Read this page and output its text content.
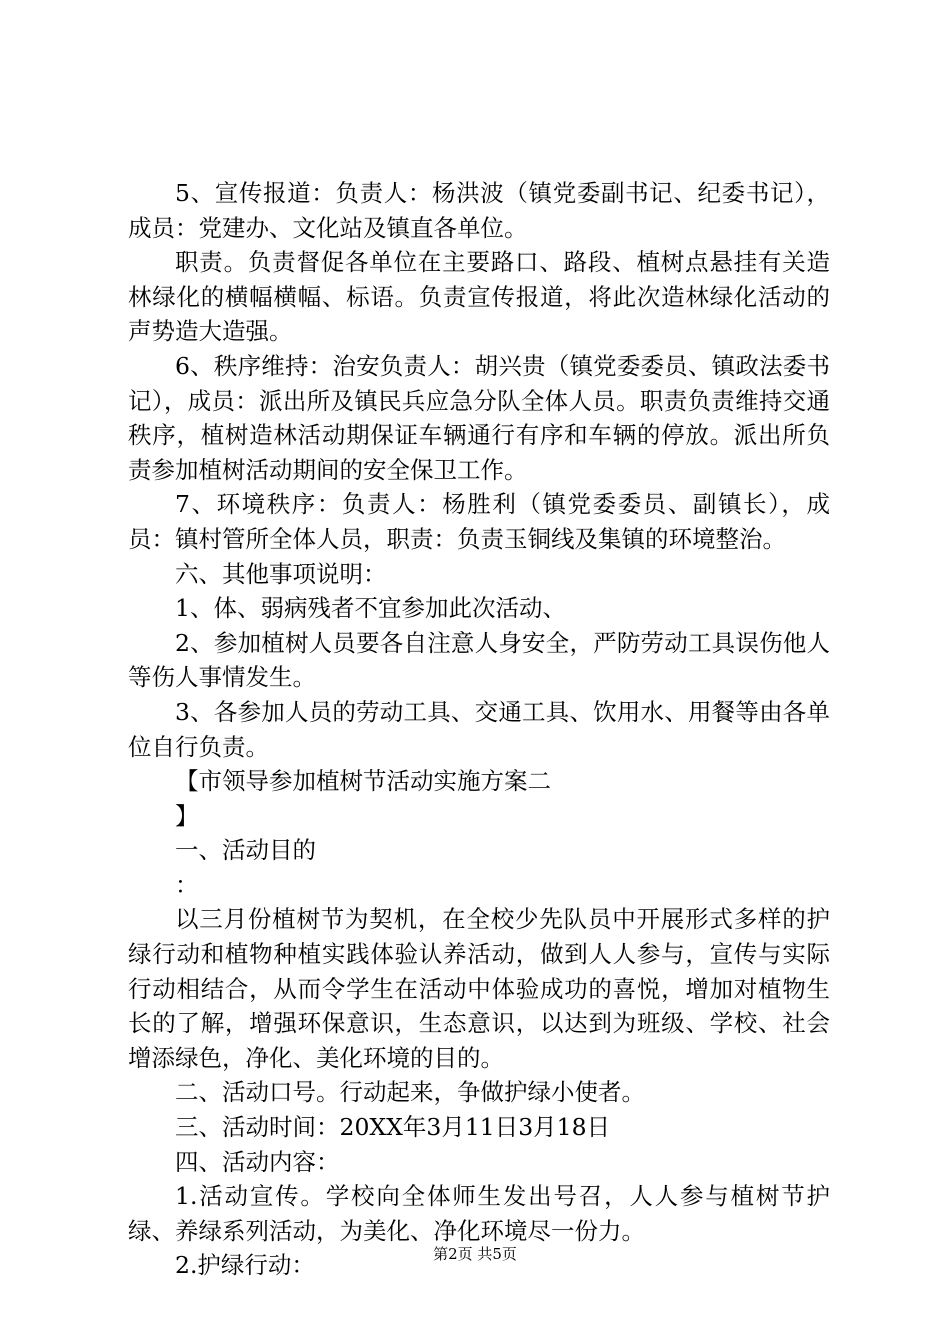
5、宣传报道：负责人：杨洪波（镇党委副书记、纪委书记），成员：党建办、文化站及镇直各单位。

职责。负责督促各单位在主要路口、路段、植树点悬挂有关造林绿化的横幅横幅、标语。负责宣传报道，将此次造林绿化活动的声势造大造强。

6、秩序维持：治安负责人：胡兴贵（镇党委委员、镇政法委书记），成员：派出所及镇民兵应急分队全体人员。职责负责维持交通秩序，植树造林活动期保证车辆通行有序和车辆的停放。派出所负责参加植树活动期间的安全保卫工作。

7、环境秩序：负责人：杨胜利（镇党委委员、副镇长），成员：镇村管所全体人员，职责：负责玉铜线及集镇的环境整治。

六、其他事项说明：

1、体、弱病残者不宜参加此次活动、

2、参加植树人员要各自注意人身安全，严防劳动工具误伤他人等伤人事情发生。

3、各参加人员的劳动工具、交通工具、饮用水、用餐等由各单位自行负责。

【市领导参加植树节活动实施方案二

】

一、活动目的

：

以三月份植树节为契机，在全校少先队员中开展形式多样的护绿行动和植物种植实践体验认养活动，做到人人参与，宣传与实际行动相结合，从而令学生在活动中体验成功的喜悦，增加对植物生长的了解，增强环保意识，生态意识，以达到为班级、学校、社会增添绿色，净化、美化环境的目的。

二、活动口号。行动起来，争做护绿小使者。

三、活动时间：20XX年3月11日3月18日

四、活动内容：

1.活动宣传。学校向全体师生发出号召，人人参与植树节护绿、养绿系列活动，为美化、净化环境尽一份力。

2.护绿行动：	第2页 共5页
